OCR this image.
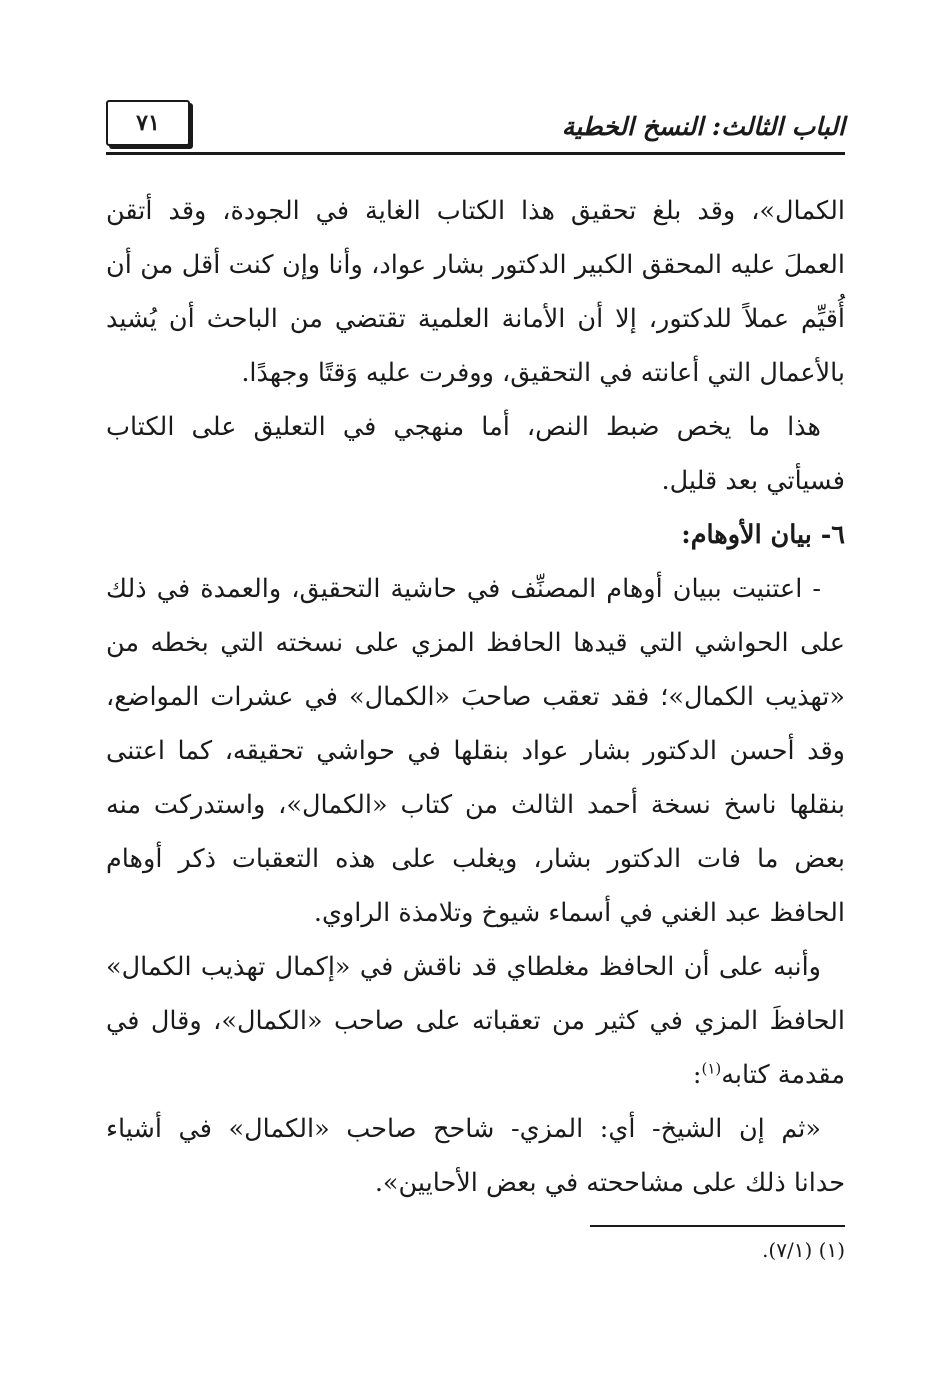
الباب الثالث: النسخ الخطية
٧١

الكمال»، وقد بلغ تحقيق هذا الكتاب الغاية في الجودة، وقد أتقن
العملَ عليه المحقق الكبير الدكتور بشار عواد، وأنا وإن كنت أقل من أن
أُقيِّم عملاً للدكتور، إلا أن الأمانة العلمية تقتضي من الباحث أن يُشيد
بالأعمال التي أعانته في التحقيق، ووفرت عليه وَقتًا وجهدًا.

هذا ما يخص ضبط النص، أما منهجي في التعليق على الكتاب
فسيأتي بعد قليل.

٦- بيان الأوهام:

- اعتنيت ببيان أوهام المصنِّف في حاشية التحقيق، والعمدة في ذلك
على الحواشي التي قيدها الحافظ المزي على نسخته التي بخطه من
«تهذيب الكمال»؛ فقد تعقب صاحبَ «الكمال» في عشرات المواضع،
وقد أحسن الدكتور بشار عواد بنقلها في حواشي تحقيقه، كما اعتنى
بنقلها ناسخ نسخة أحمد الثالث من كتاب «الكمال»، واستدركت منه
بعض ما فات الدكتور بشار، ويغلب على هذه التعقبات ذكر أوهام
الحافظ عبد الغني في أسماء شيوخ وتلامذة الراوي.

وأنبه على أن الحافظ مغلطاي قد ناقش في «إكمال تهذيب الكمال»
الحافظَ المزي في كثير من تعقباته على صاحب «الكمال»، وقال في
مقدمة كتابه$^{(١)}$:

«ثم إن الشيخ- أي: المزي- شاحح صاحب «الكمال» في أشياء
حدانا ذلك على مشاححته في بعض الأحايين».

(١) (٧/١).
